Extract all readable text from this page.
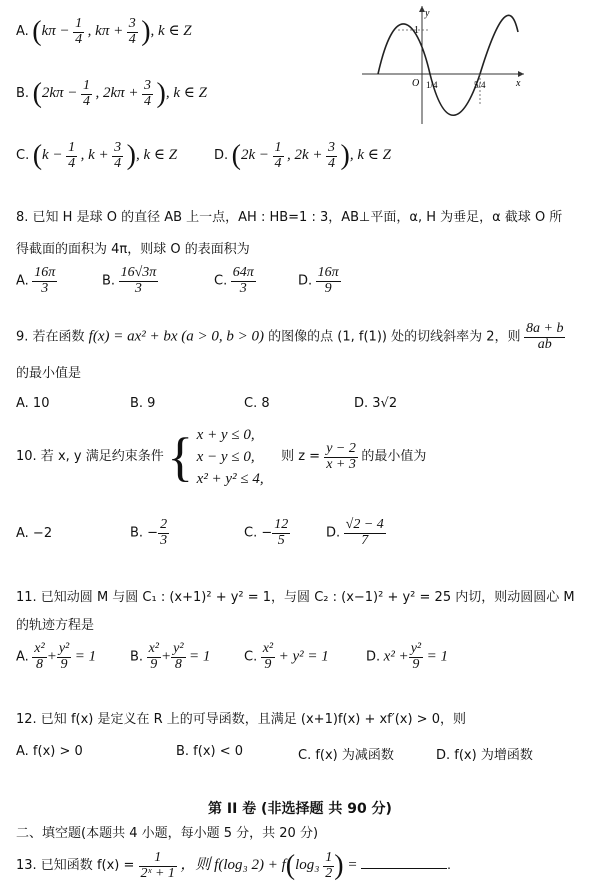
A. ($k\pi - \frac{1}{4}$ , $k\pi + \frac{3}{4}$ ), k ∈ Z
B. ($2k\pi - \frac{1}{4}$ , $2k\pi + \frac{3}{4}$ ), k ∈ Z
C. ($k - \frac{1}{4}$ , $k + \frac{3}{4}$ ), k ∈ Z	D. ($2k - \frac{1}{4}$ , $2k + \frac{3}{4}$ ), k ∈ Z
y
1
O 1/4	5/4	x
8. 已知 H 是球 O 的直径 AB 上一点，AH : HB=1 : 3，AB⊥平面，α, H 为垂足，α 截球 O 所
得截面的面积为 4π，则球 O 的表面积为
A. $\frac{16\pi}{3}$	B. $\frac{16√3\pi}{3}$	C. $\frac{64\pi}{3}$	D. $\frac{16\pi}{9}$
9. 若在函数 f(x) = ax² + bx (a > 0, b > 0) 的图像的点 (1, f(1)) 处的切线斜率为 2，则 $\frac{8a + b}{ab}$
的最小值是
A. 10	B. 9	C. 8	D. 3√2
10. 若 x, y 满足约束条件 { x + y ≤ 0,
x − y ≤ 0,
x² + y² ≤ 4,
则 $z = \frac{y - 2}{x + 3}$ 的最小值为
A. −2	B. − $\frac{2}{3}$	C. − $\frac{12}{5}$	D. $\frac{√2 - 4}{7}$
11. 已知动圆 M 与圆 C₁ : (x+1)² + y² = 1，与圆 C₂ : (x−1)² + y² = 25 内切，则动圆圆心 M
的轨迹方程是
A. $\frac{\text{x²}}{8} + \frac{\text{y²}}{9} = 1$	B. $\frac{\text{x²}}{9} + \frac{\text{y²}}{8} = 1$	C. $\frac{\text{x²}}{9} + y^2 = 1$	D. $x^2 + \frac{\text{y²}}{9} = 1$
12. 已知 f(x) 是定义在 R 上的可导函数，且满足 (x+1)f(x) + xf′(x) > 0，则
A. f(x) > 0	B. f(x) < 0	C. f(x) 为减函数	D. f(x) 为增函数
第 II 卷 (非选择题 共 90 分)
二、填空题(本题共 4 小题，每小题 5 分，共 20 分)
13. 已知函数 $f(x) = \frac{1}{\text{2ˣ + 1}}$ ，则 f(log₃ $2) + f(\log_3 \frac{1}{2}$ ) =	.
